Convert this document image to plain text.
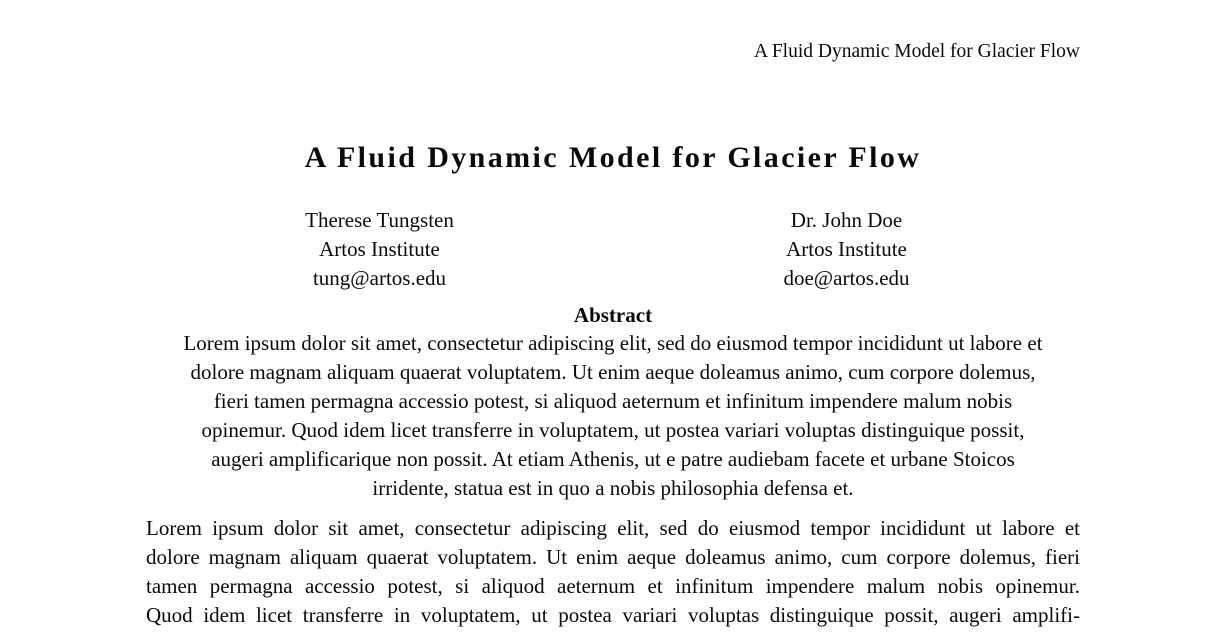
A Fluid Dynamic Model for Glacier Flow
A Fluid Dynamic Model for Glacier Flow
Therese Tungsten
Artos Institute
tung@artos.edu
Dr. John Doe
Artos Institute
doe@artos.edu
Abstract
Lorem ipsum dolor sit amet, consectetur adipiscing elit, sed do eiusmod tempor incididunt ut labore et
dolore magnam aliquam quaerat voluptatem. Ut enim aeque doleamus animo, cum corpore dolemus,
fieri tamen permagna accessio potest, si aliquod aeternum et infinitum impendere malum nobis
opinemur. Quod idem licet transferre in voluptatem, ut postea variari voluptas distinguique possit,
augeri amplificarique non possit. At etiam Athenis, ut e patre audiebam facete et urbane Stoicos
irridente, statua est in quo a nobis philosophia defensa et.
Lorem ipsum dolor sit amet, consectetur adipiscing elit, sed do eiusmod tempor incididunt ut labore et
dolore magnam aliquam quaerat voluptatem. Ut enim aeque doleamus animo, cum corpore dolemus, fieri
tamen permagna accessio potest, si aliquod aeternum et infinitum impendere malum nobis opinemur.
Quod idem licet transferre in voluptatem, ut postea variari voluptas distinguique possit, augeri amplifi-
